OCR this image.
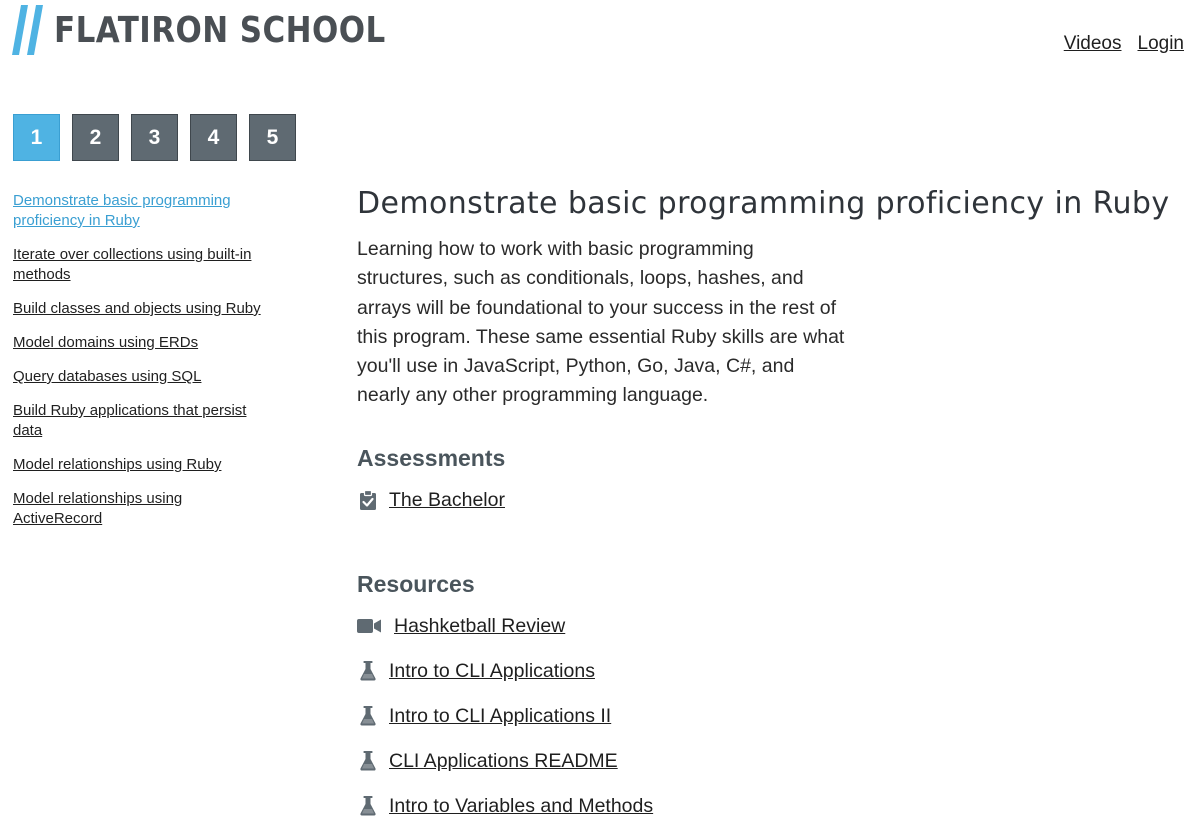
FLATIRON SCHOOL	Videos Login
1	2	3	4	5
Demonstrate basic programming proficiency in Ruby
Iterate over collections using built-in methods
Build classes and objects using Ruby
Model domains using ERDs
Query databases using SQL
Build Ruby applications that persist data
Model relationships using Ruby
Model relationships using ActiveRecord
Demonstrate basic programming proficiency in Ruby

Learning how to work with basic programming structures, such as conditionals, loops, hashes, and arrays will be foundational to your success in the rest of this program. These same essential Ruby skills are what you'll use in JavaScript, Python, Go, Java, C#, and nearly any other programming language.

Assessments
The Bachelor
Resources
Hashketball Review
Intro to CLI Applications
Intro to CLI Applications II
CLI Applications README
Intro to Variables and Methods
